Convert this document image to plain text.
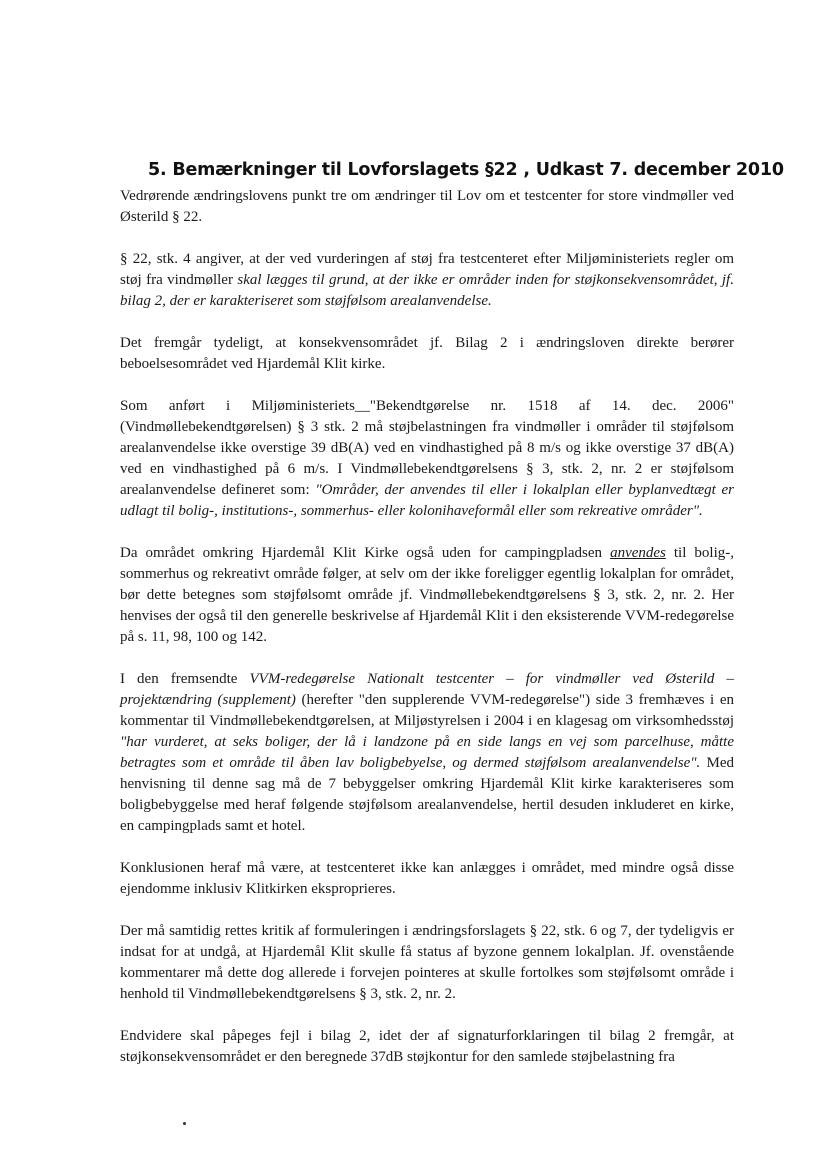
5. Bemærkninger til Lovforslagets §22 , Udkast 7. december 2010

Vedrørende ændringslovens punkt tre om ændringer til Lov om et testcenter for store vindmøller ved Østerild § 22.

§ 22, stk. 4 angiver, at der ved vurderingen af støj fra testcenteret efter Miljøministeriets regler om støj fra vindmøller skal lægges til grund, at der ikke er områder inden for støjkonsekvensområdet, jf. bilag 2, der er karakteriseret som støjfølsom arealanvendelse.

Det fremgår tydeligt, at konsekvensområdet jf. Bilag 2 i ændringsloven direkte berører beboelsesområdet ved Hjardemål Klit kirke.

Som anført i Miljøministeriets__"Bekendtgørelse nr. 1518 af 14. dec. 2006" (Vindmøllebekendtgørelsen) § 3 stk. 2 må støjbelastningen fra vindmøller i områder til støjfølsom arealanvendelse ikke overstige 39 dB(A) ved en vindhastighed på 8 m/s og ikke overstige 37 dB(A) ved en vindhastighed på 6 m/s. I Vindmøllebekendtgørelsens § 3, stk. 2, nr. 2 er støjfølsom arealanvendelse defineret som: "Områder, der anvendes til eller i lokalplan eller byplanvedtægt er udlagt til bolig-, institutions-, sommerhus- eller kolonihaveformål eller som rekreative områder".

Da området omkring Hjardemål Klit Kirke også uden for campingpladsen anvendes til bolig-, sommerhus og rekreativt område følger, at selv om der ikke foreligger egentlig lokalplan for området, bør dette betegnes som støjfølsomt område jf. Vindmøllebekendtgørelsens § 3, stk. 2, nr. 2. Her henvises der også til den generelle beskrivelse af Hjardemål Klit i den eksisterende VVM-redegørelse på s. 11, 98, 100 og 142.

I den fremsendte VVM-redegørelse Nationalt testcenter – for vindmøller ved Østerild – projektændring (supplement) (herefter "den supplerende VVM-redegørelse") side 3 fremhæves i en kommentar til Vindmøllebekendtgørelsen, at Miljøstyrelsen i 2004 i en klagesag om virksomhedsstøj "har vurderet, at seks boliger, der lå i landzone på en side langs en vej som parcelhuse, måtte betragtes som et område til åben lav boligbebyelse, og dermed støjfølsom arealanvendelse". Med henvisning til denne sag må de 7 bebyggelser omkring Hjardemål Klit kirke karakteriseres som boligbebyggelse med heraf følgende støjfølsom arealanvendelse, hertil desuden inkluderet en kirke, en campingplads samt et hotel.

Konklusionen heraf må være, at testcenteret ikke kan anlægges i området, med mindre også disse ejendomme inklusiv Klitkirken eksproprieres.

Der må samtidig rettes kritik af formuleringen i ændringsforslagets § 22, stk. 6 og 7, der tydeligvis er indsat for at undgå, at Hjardemål Klit skulle få status af byzone gennem lokalplan. Jf. ovenstående kommentarer må dette dog allerede i forvejen pointeres at skulle fortolkes som støjfølsomt område i henhold til Vindmøllebekendtgørelsens § 3, stk. 2, nr. 2.

Endvidere skal påpeges fejl i bilag 2, idet der af signaturforklaringen til bilag 2 fremgår, at støjkonsekvensområdet er den beregnede 37dB støjkontur for den samlede støjbelastning fra
